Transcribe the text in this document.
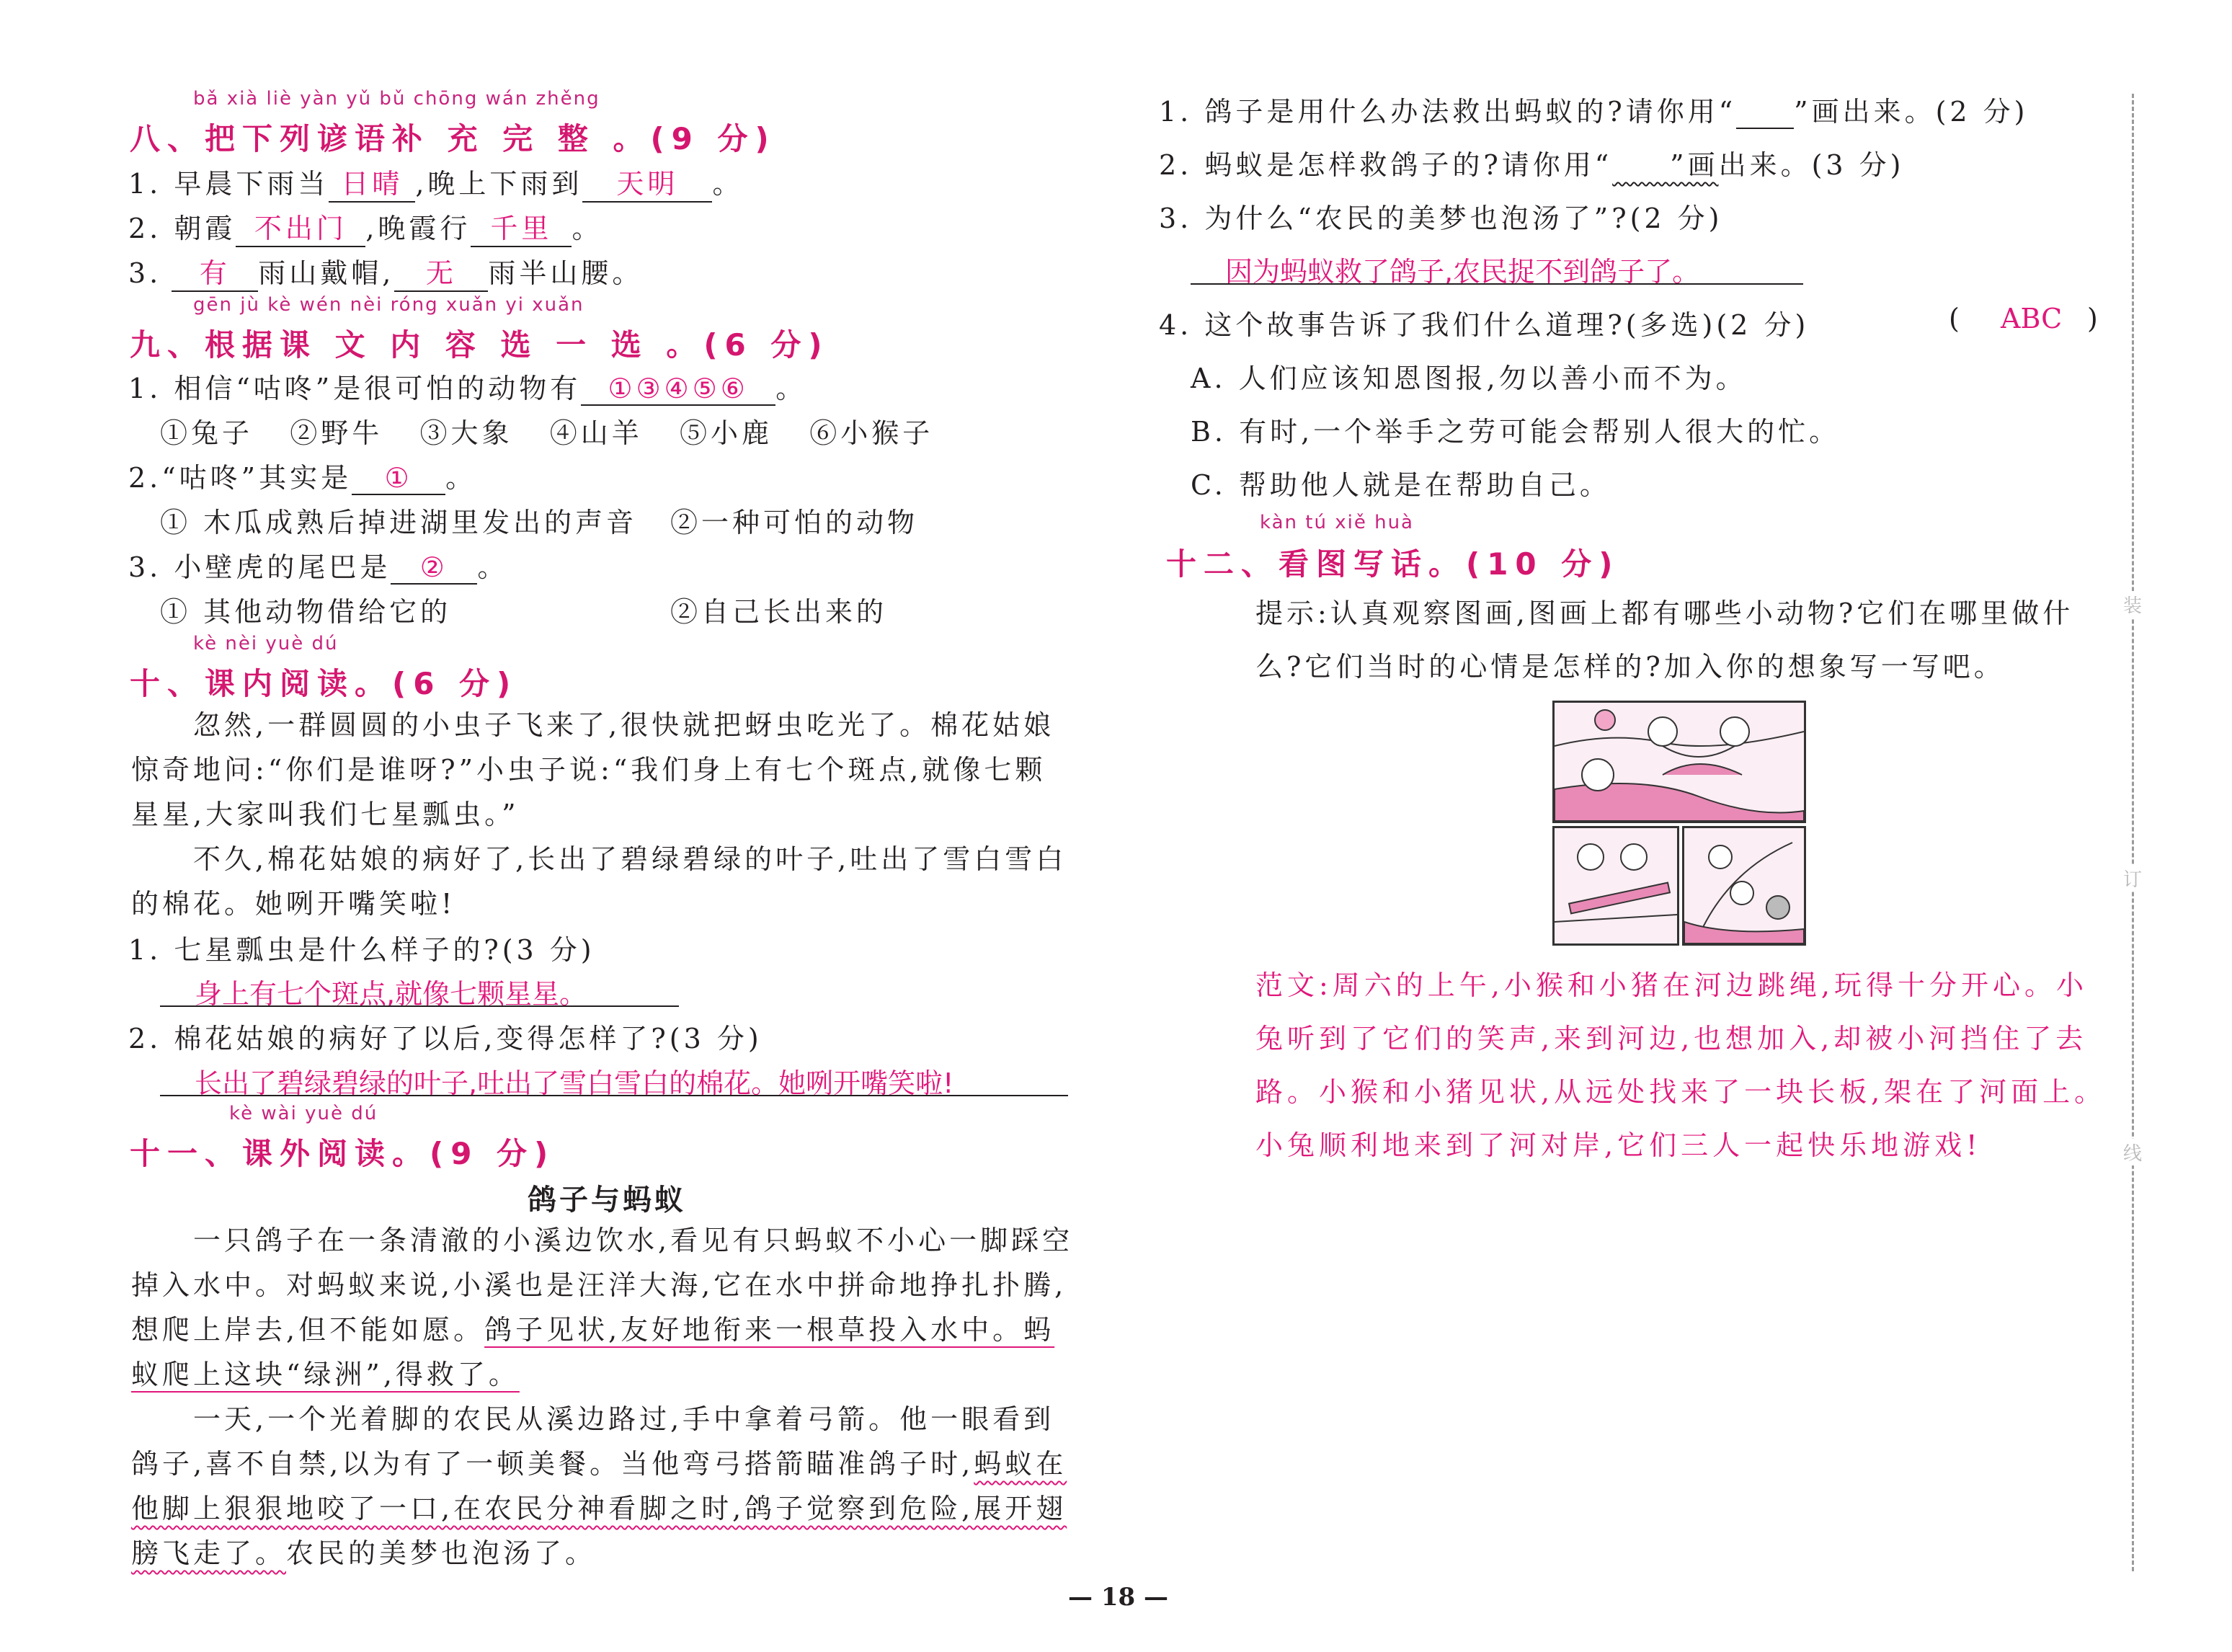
bǎ xià liè yàn yǔ bǔ chōng wán zhěng
八、把下列谚语补 充 完 整 。(9 分)
1. 早晨下雨当 日晴 ,晚上下雨到 天明 。
2. 朝霞 不出门 ,晚霞行 千里 。
3. 有 雨山戴帽, 无 雨半山腰。
gēn jù kè wén nèi róng xuǎn yi xuǎn
九、根据课 文 内 容 选 一 选 。(6 分)
1. 相信“咕咚”是很可怕的动物有 ①③④⑤⑥ 。
①兔子   ②野牛   ③大象   ④山羊   ⑤小鹿   ⑥小猴子
2.“咕咚”其实是 ① 。
① 木瓜成熟后掉进湖里发出的声音 ②一种可怕的动物
3. 小壁虎的尾巴是 ② 。
① 其他动物借给它的	②自己长出来的
kè nèi yuè dú
十、课内阅读。(6 分)
忽然,一群圆圆的小虫子飞来了,很快就把蚜虫吃光了。棉花姑娘惊奇地问:“你们是谁呀?”小虫子说:“我们身上有七个斑点,就像七颗星星,大家叫我们七星瓢虫。”
不久,棉花姑娘的病好了,长出了碧绿碧绿的叶子,吐出了雪白雪白的棉花。她咧开嘴笑啦!
1. 七星瓢虫是什么样子的?(3 分)
身上有七个斑点,就像七颗星星。
2. 棉花姑娘的病好了以后,变得怎样了?(3 分)
长出了碧绿碧绿的叶子,吐出了雪白雪白的棉花。她咧开嘴笑啦!
kè wài yuè dú
十一、课外阅读。(9 分)
鸽子与蚂蚁
一只鸽子在一条清澈的小溪边饮水,看见有只蚂蚁不小心一脚踩空掉入水中。对蚂蚁来说,小溪也是汪洋大海,它在水中拼命地挣扎扑腾,想爬上岸去,但不能如愿。鸽子见状,友好地衔来一根草投入水中。蚂蚁爬上这块“绿洲”,得救了。
一天,一个光着脚的农民从溪边路过,手中拿着弓箭。他一眼看到鸽子,喜不自禁,以为有了一顿美餐。当他弯弓搭箭瞄准鸽子时,蚂蚁在他脚上狠狠地咬了一口,在农民分神看脚之时,鸽子觉察到危险,展开翅膀飞走了。农民的美梦也泡汤了。
1. 鸽子是用什么办法救出蚂蚁的?请你用“ ”画出来。(2 分)
2. 蚂蚁是怎样救鸽子的?请你用“ ”画出来。(3 分)
3. 为什么“农民的美梦也泡汤了”?(2 分)
因为蚂蚁救了鸽子,农民捉不到鸽子了。
4. 这个故事告诉了我们什么道理?(多选)(2 分)	( ABC )
A. 人们应该知恩图报,勿以善小而不为。
B. 有时,一个举手之劳可能会帮别人很大的忙。
C. 帮助他人就是在帮助自己。
kàn tú xiě huà
十二、看图写话。(10 分)
提示:认真观察图画,图画上都有哪些小动物?它们在哪里做什么?它们当时的心情是怎样的?加入你的想象写一写吧。
范文:周六的上午,小猴和小猪在河边跳绳,玩得十分开心。小兔听到了它们的笑声,来到河边,也想加入,却被小河挡住了去路。小猴和小猪见状,从远处找来了一块长板,架在了河面上。小兔顺利地来到了河对岸,它们三人一起快乐地游戏!
装
订
线
— 18 —
